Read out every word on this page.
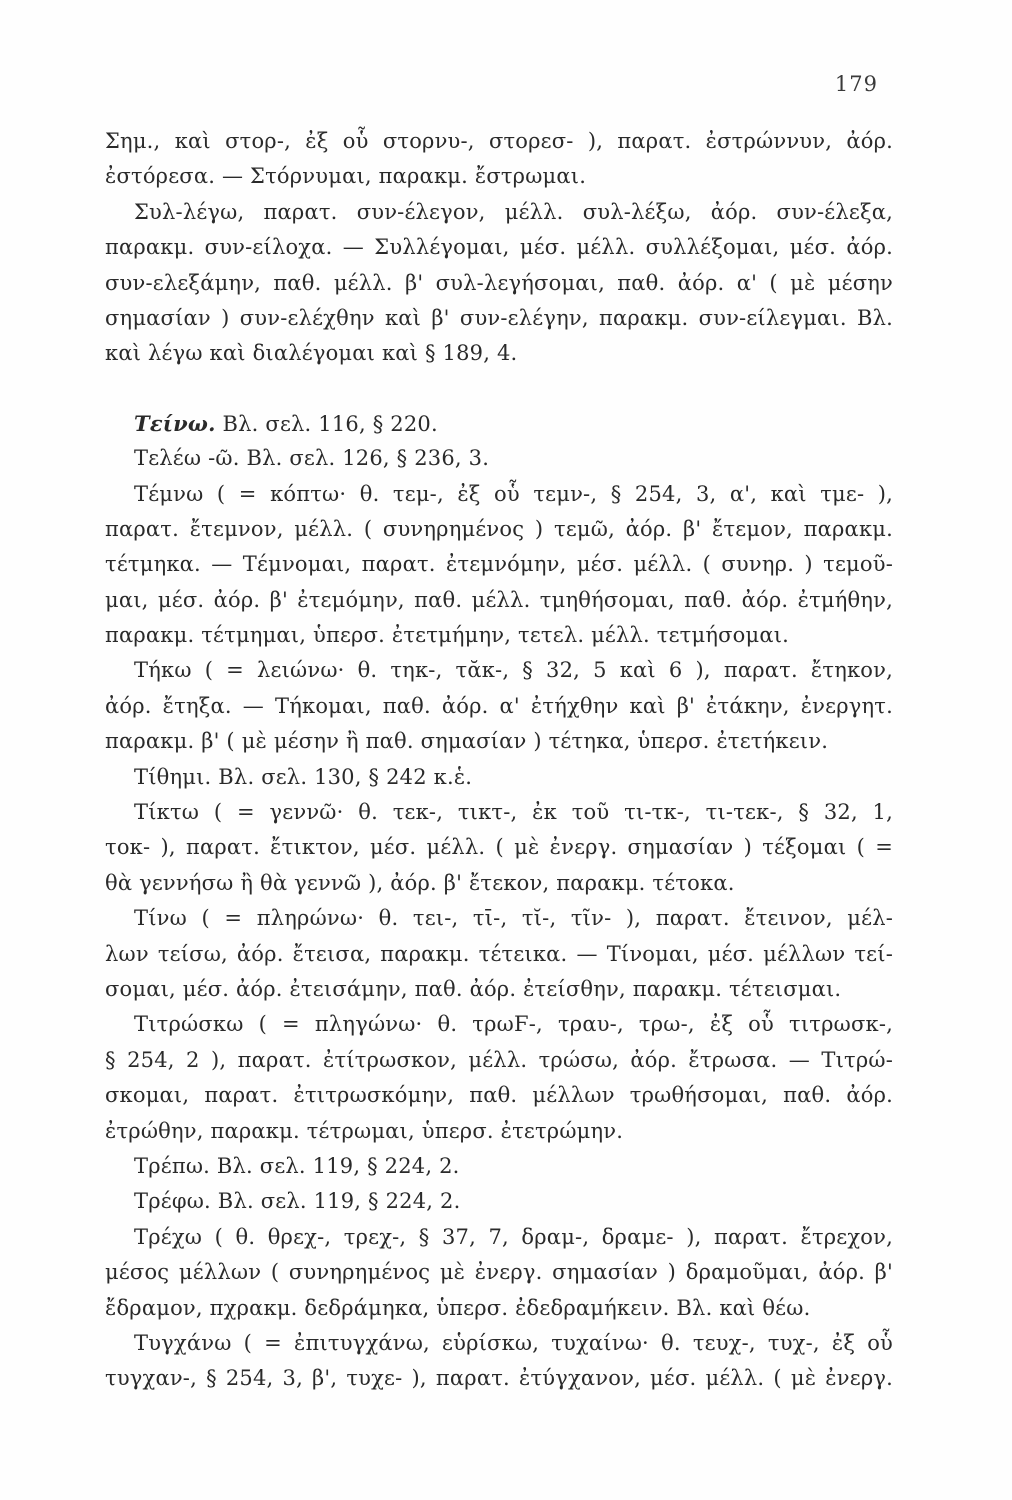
179
Σημ., καὶ στορ-, ἐξ οὗ στορνυ-, στορεσ- ), παρατ. ἐστρώννυν, ἀόρ.
ἐστόρεσα. — Στόρνυμαι, παρακμ. ἔστρωμαι.
Συλ-λέγω, παρατ. συν-έλεγον, μέλλ. συλ-λέξω, ἀόρ. συν-έλεξα,
παρακμ. συν-είλοχα. — Συλλέγομαι, μέσ. μέλλ. συλλέξομαι, μέσ. ἀόρ.
συν-ελεξάμην, παθ. μέλλ. β' συλ-λεγήσομαι, παθ. ἀόρ. α' ( μὲ μέσην
σημασίαν ) συν-ελέχθην καὶ β' συν-ελέγην, παρακμ. συν-είλεγμαι. Βλ.
καὶ λέγω καὶ διαλέγομαι καὶ § 189, 4.
Τείνω. Βλ. σελ. 116, § 220.
Τελέω -ῶ. Βλ. σελ. 126, § 236, 3.
Τέμνω ( = κόπτω· θ. τεμ-, ἐξ οὗ τεμν-, § 254, 3, α', καὶ τμε- ),
παρατ. ἔτεμνον, μέλλ. ( συνηρημένος ) τεμῶ, ἀόρ. β' ἔτεμον, παρακμ.
τέτμηκα. — Τέμνομαι, παρατ. ἐτεμνόμην, μέσ. μέλλ. ( συνηρ. ) τεμοῦ-
μαι, μέσ. ἀόρ. β' ἐτεμόμην, παθ. μέλλ. τμηθήσομαι, παθ. ἀόρ. ἐτμήθην,
παρακμ. τέτμημαι, ὑπερσ. ἐτετμήμην, τετελ. μέλλ. τετμήσομαι.
Τήκω ( = λειώνω· θ. τηκ-, τᾰκ-, § 32, 5 καὶ 6 ), παρατ. ἔτηκον,
ἀόρ. ἔτηξα. — Τήκομαι, παθ. ἀόρ. α' ἐτήχθην καὶ β' ἐτάκην, ἐνεργητ.
παρακμ. β' ( μὲ μέσην ἢ παθ. σημασίαν ) τέτηκα, ὑπερσ. ἐτετήκειν.
Τίθημι. Βλ. σελ. 130, § 242 κ.ἑ.
Τίκτω ( = γεννῶ· θ. τεκ-, τικτ-, ἐκ τοῦ τι-τκ-, τι-τεκ-, § 32, 1,
τοκ- ), παρατ. ἔτικτον, μέσ. μέλλ. ( μὲ ἐνεργ. σημασίαν ) τέξομαι ( =
θὰ γεννήσω ἢ θὰ γεννῶ ), ἀόρ. β' ἔτεκον, παρακμ. τέτοκα.
Τίνω ( = πληρώνω· θ. τει-, τῑ-, τῐ-, τῖν- ), παρατ. ἔτεινον, μέλ-
λων τείσω, ἀόρ. ἔτεισα, παρακμ. τέτεικα. — Τίνομαι, μέσ. μέλλων τεί-
σομαι, μέσ. ἀόρ. ἐτεισάμην, παθ. ἀόρ. ἐτείσθην, παρακμ. τέτεισμαι.
Τιτρώσκω ( = πληγώνω· θ. τρωϜ-, τραυ-, τρω-, ἐξ οὗ τιτρωσκ-,
§ 254, 2 ), παρατ. ἐτίτρωσκον, μέλλ. τρώσω, ἀόρ. ἔτρωσα. — Τιτρώ-
σκομαι, παρατ. ἐτιτρωσκόμην, παθ. μέλλων τρωθήσομαι, παθ. ἀόρ.
ἐτρώθην, παρακμ. τέτρωμαι, ὑπερσ. ἐτετρώμην.
Τρέπω. Βλ. σελ. 119, § 224, 2.
Τρέφω. Βλ. σελ. 119, § 224, 2.
Τρέχω ( θ. θρεχ-, τρεχ-, § 37, 7, δραμ-, δραμε- ), παρατ. ἔτρεχον,
μέσος μέλλων ( συνηρημένος μὲ ἐνεργ. σημασίαν ) δραμοῦμαι, ἀόρ. β'
ἔδραμον, πχρακμ. δεδράμηκα, ὑπερσ. ἐδεδραμήκειν. Βλ. καὶ θέω.
Τυγχάνω ( = ἐπιτυγχάνω, εὑρίσκω, τυχαίνω· θ. τευχ-, τυχ-, ἐξ οὗ
τυγχαν-, § 254, 3, β', τυχε- ), παρατ. ἐτύγχανον, μέσ. μέλλ. ( μὲ ἐνεργ.
